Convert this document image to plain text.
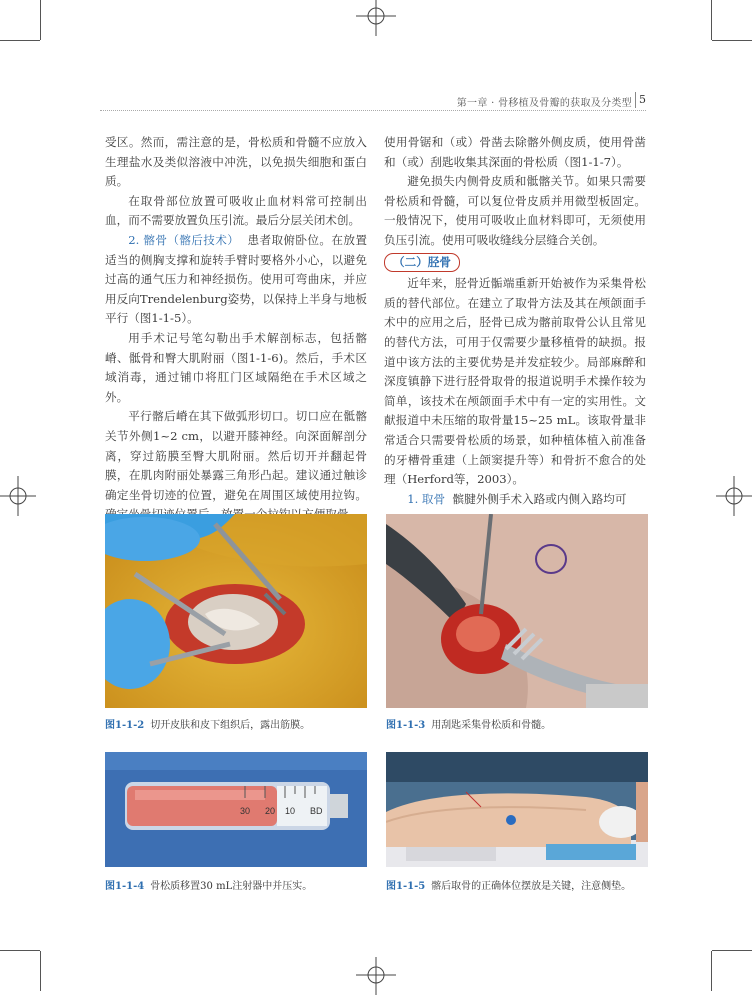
第一章 · 骨移植及骨瓣的获取及分类型 5

受区。然而，需注意的是，骨松质和骨髓不应放入生理盐水及类似溶液中冲洗，以免损失细胞和蛋白质。

在取骨部位放置可吸收止血材料常可控制出血，而不需要放置负压引流。最后分层关闭术创。

2. 髂骨（髂后技术） 患者取俯卧位。在放置适当的侧胸支撑和旋转手臂时要格外小心，以避免过高的通气压力和神经损伤。使用可弯曲床，并应用反向Trendelenburg姿势，以保持上半身与地板平行（图1-1-5）。

用手术记号笔勾勒出手术解剖标志，包括髂嵴、骶骨和臀大肌附丽（图1-1-6)。然后，手术区域消毒，通过铺巾将肛门区域隔绝在手术区域之外。

平行髂后嵴在其下做弧形切口。切口应在骶髂关节外侧1~2 cm，以避开膝神经。向深面解剖分离，穿过筋膜至臀大肌附丽。然后切开并翻起骨膜，在肌肉附丽处暴露三角形凸起。建议通过触诊确定坐骨切迹的位置，避免在周围区域使用拉钩。

使用骨锯和（或）骨凿去除髂外侧皮质，使用骨凿和（或）刮匙收集其深面的骨松质（图1-1-7）。

避免损失内侧骨皮质和骶髂关节。如果只需要骨松质和骨髓，可以复位骨皮质并用微型板固定。一般情况下，使用可吸收止血材料即可，无须使用负压引流。使用可吸收缝线分层缝合关创。

（二）胫骨

近年来，胫骨近骺端重新开始被作为采集骨松质的替代部位。在建立了取骨方法及其在颅颌面手术中的应用之后，胫骨已成为髂前取骨公认且常见的替代方法，可用于仅需要少量移植骨的缺损。报道中该方法的主要优势是并发症较少。局部麻醉和深度镇静下进行胫骨取骨的报道说明手术操作较为简单，该技术在颅颌面手术中有一定的实用性。文献报道中未压缩的取骨量15~25 mL。该取骨量非常适合只需要骨松质的场景，如种植体植入前准备的牙槽骨重建（上颌窦提升等）和骨折不愈合的处理（Herford等，2003）。

1. 取骨 髌腱外侧手术入路或内侧入路均可

图1-1-2 切开皮肤和皮下组织后，露出筋膜。	图1-1-3 用刮匙采集骨松质和骨髓。
BD
10
20
30
图1-1-4 骨松质移置30 mL注射器中并压实。	图1-1-5 髂后取骨的正确体位摆放是关键，注意侧垫。
